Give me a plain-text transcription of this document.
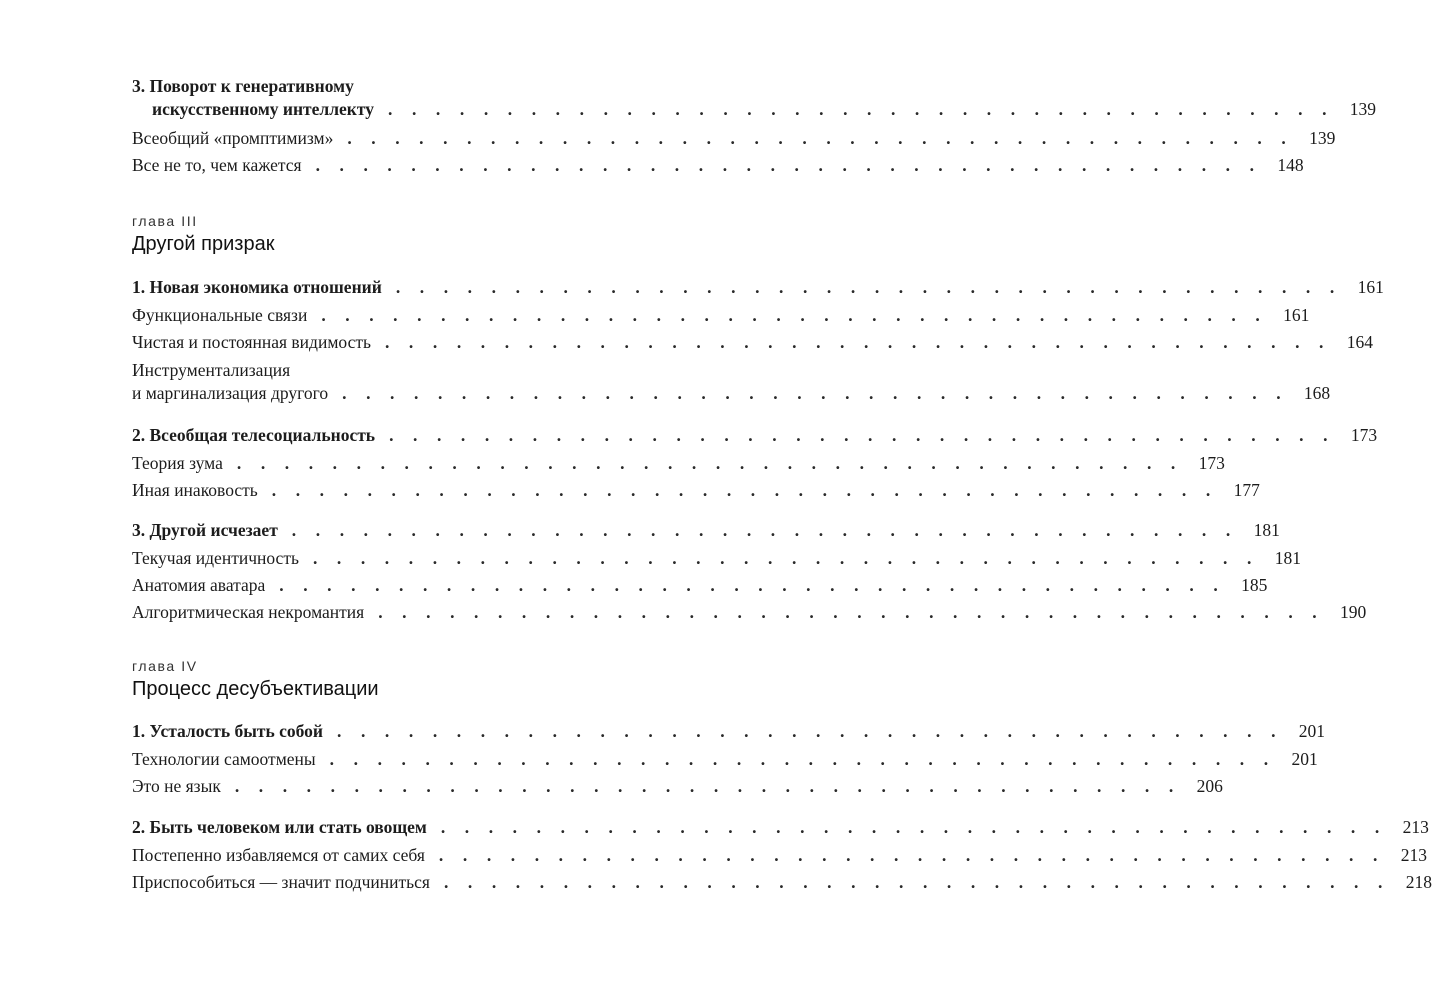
3. Поворот к генеративному
искусственному интеллекту . . . . . . . . . . . . . . . . . . . . . . . . . . . . . . . . . . . . . . . . 139
Всеобщий «промптимизм» . . . . . . . . . . . . . . . . . . . . . . . . . . . . . . . . . . . . . . . . 139
Все не то, чем кажется . . . . . . . . . . . . . . . . . . . . . . . . . . . . . . . . . . . . . . . . 148
глава III
Другой призрак
1. Новая экономика отношений . . . . . . . . . . . . . . . . . . . . . . . . . . . . . . . . . . . . . . . . 161
Функциональные связи . . . . . . . . . . . . . . . . . . . . . . . . . . . . . . . . . . . . . . . . 161
Чистая и постоянная видимость . . . . . . . . . . . . . . . . . . . . . . . . . . . . . . . . . . . . . . . . 164
Инструментализация
и маргинализация другого . . . . . . . . . . . . . . . . . . . . . . . . . . . . . . . . . . . . . . . . 168
2. Всеобщая телесоциальность . . . . . . . . . . . . . . . . . . . . . . . . . . . . . . . . . . . . . . . . 173
Теория зума . . . . . . . . . . . . . . . . . . . . . . . . . . . . . . . . . . . . . . . . 173
Иная инаковость . . . . . . . . . . . . . . . . . . . . . . . . . . . . . . . . . . . . . . . . 177
3. Другой исчезает . . . . . . . . . . . . . . . . . . . . . . . . . . . . . . . . . . . . . . . . 181
Текучая идентичность . . . . . . . . . . . . . . . . . . . . . . . . . . . . . . . . . . . . . . . . 181
Анатомия аватара . . . . . . . . . . . . . . . . . . . . . . . . . . . . . . . . . . . . . . . . 185
Алгоритмическая некромантия . . . . . . . . . . . . . . . . . . . . . . . . . . . . . . . . . . . . . . . . 190
глава IV
Процесс десубъективации
1. Усталость быть собой . . . . . . . . . . . . . . . . . . . . . . . . . . . . . . . . . . . . . . . . 201
Технологии самоотмены . . . . . . . . . . . . . . . . . . . . . . . . . . . . . . . . . . . . . . . . 201
Это не язык . . . . . . . . . . . . . . . . . . . . . . . . . . . . . . . . . . . . . . . . 206
2. Быть человеком или стать овощем . . . . . . . . . . . . . . . . . . . . . . . . . . . . . . . . . . . . . . . . 213
Постепенно избавляемся от самих себя . . . . . . . . . . . . . . . . . . . . . . . . . . . . . . . . . . . . . . . . 213
Приспособиться — значит подчиниться . . . . . . . . . . . . . . . . . . . . . . . . . . . . . . . . . . . . . . . . 218
